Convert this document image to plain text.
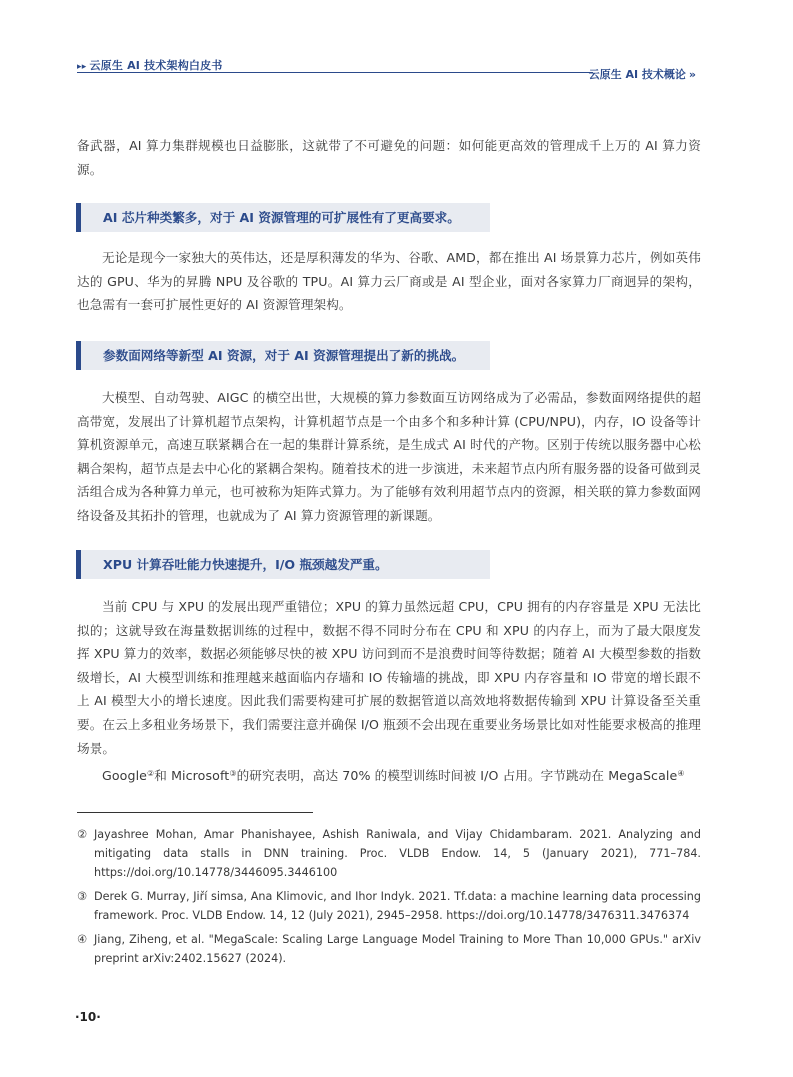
▸▸ 云原生 AI 技术架构白皮书
云原生 AI 技术概论 »

备武器，AI 算力集群规模也日益膨胀，这就带了不可避免的问题：如何能更高效的管理成千上万的 AI 算力资源。

AI 芯片种类繁多，对于 AI 资源管理的可扩展性有了更高要求。

无论是现今一家独大的英伟达，还是厚积薄发的华为、谷歌、AMD，都在推出 AI 场景算力芯片，例如英伟达的 GPU、华为的昇腾 NPU 及谷歌的 TPU。AI 算力云厂商或是 AI 型企业，面对各家算力厂商迥异的架构，也急需有一套可扩展性更好的 AI 资源管理架构。

参数面网络等新型 AI 资源，对于 AI 资源管理提出了新的挑战。

大模型、自动驾驶、AIGC 的横空出世，大规模的算力参数面互访网络成为了必需品，参数面网络提供的超高带宽，发展出了计算机超节点架构，计算机超节点是一个由多个和多种计算 (CPU/NPU)，内存，IO 设备等计算机资源单元，高速互联紧耦合在一起的集群计算系统，是生成式 AI 时代的产物。区别于传统以服务器中心松耦合架构，超节点是去中心化的紧耦合架构。随着技术的进一步演进，未来超节点内所有服务器的设备可做到灵活组合成为各种算力单元，也可被称为矩阵式算力。为了能够有效利用超节点内的资源，相关联的算力参数面网络设备及其拓扑的管理，也就成为了 AI 算力资源管理的新课题。

XPU 计算吞吐能力快速提升，I/O 瓶颈越发严重。

当前 CPU 与 XPU 的发展出现严重错位；XPU 的算力虽然远超 CPU，CPU 拥有的内存容量是 XPU 无法比拟的；这就导致在海量数据训练的过程中，数据不得不同时分布在 CPU 和 XPU 的内存上，而为了最大限度发挥 XPU 算力的效率，数据必须能够尽快的被 XPU 访问到而不是浪费时间等待数据；随着 AI 大模型参数的指数级增长，AI 大模型训练和推理越来越面临内存墙和 IO 传输墙的挑战，即 XPU 内存容量和 IO 带宽的增长跟不上 AI 模型大小的增长速度。因此我们需要构建可扩展的数据管道以高效地将数据传输到 XPU 计算设备至关重要。在云上多租业务场景下，我们需要注意并确保 I/O 瓶颈不会出现在重要业务场景比如对性能要求极高的推理场景。

Google②和 Microsoft③的研究表明，高达 70% 的模型训练时间被 I/O 占用。字节跳动在 MegaScale④

② Jayashree Mohan, Amar Phanishayee, Ashish Raniwala, and Vijay Chidambaram. 2021. Analyzing and mitigating data stalls in DNN training. Proc. VLDB Endow. 14, 5 (January 2021), 771–784. https://doi.org/10.14778/3446095.3446100
③ Derek G. Murray, Jiří simsa, Ana Klimovic, and Ihor Indyk. 2021. Tf.data: a machine learning data processing framework. Proc. VLDB Endow. 14, 12 (July 2021), 2945–2958. https://doi.org/10.14778/3476311.3476374
④ Jiang, Ziheng, et al. "MegaScale: Scaling Large Language Model Training to More Than 10,000 GPUs." arXiv preprint arXiv:2402.15627 (2024).
·10·
